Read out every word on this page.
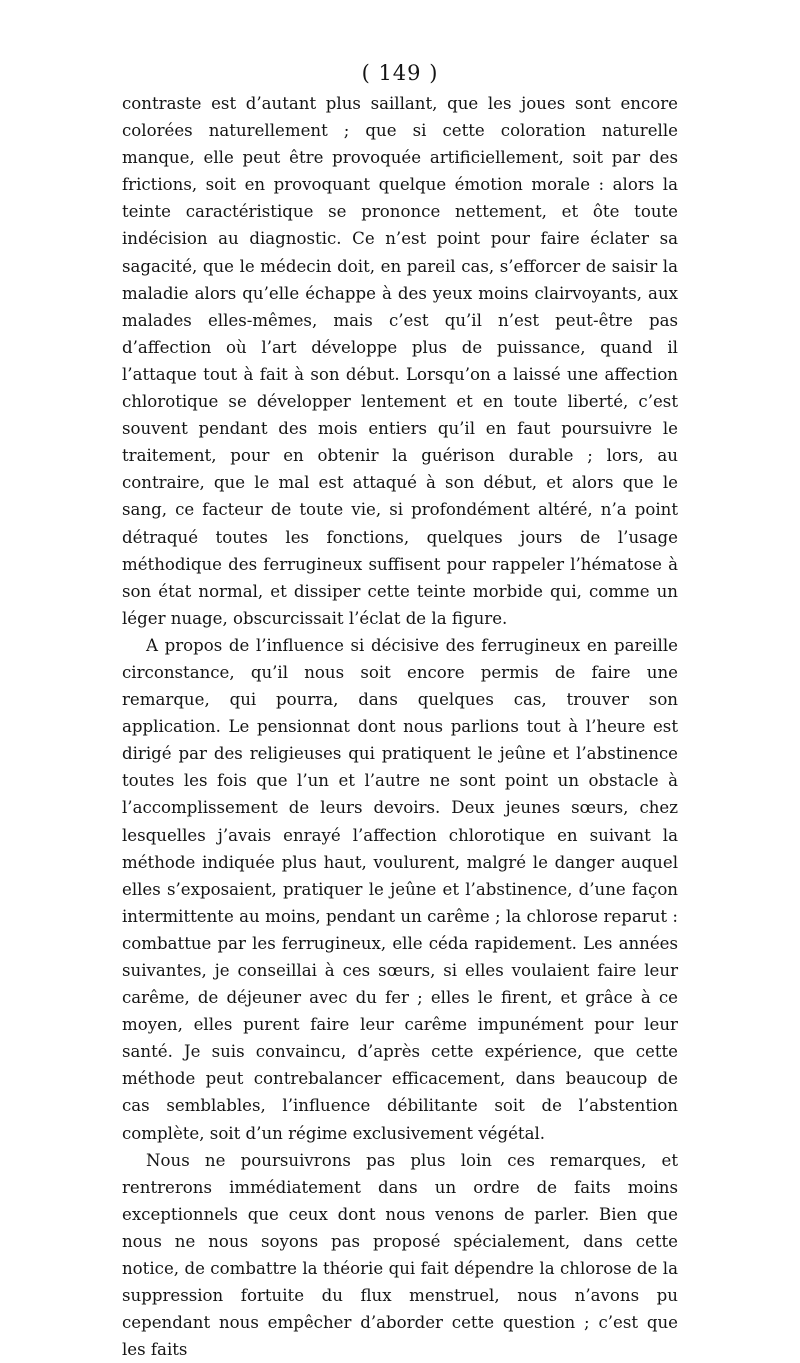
( 149 )

contraste est d’autant plus saillant, que les joues sont encore colorées naturellement ; que si cette coloration naturelle manque, elle peut être provoquée artificiellement, soit par des frictions, soit en provoquant quelque émotion morale : alors la teinte caractéristique se prononce nettement, et ôte toute indécision au diagnostic. Ce n’est point pour faire éclater sa sagacité, que le médecin doit, en pareil cas, s’efforcer de saisir la maladie alors qu’elle échappe à des yeux moins clairvoyants, aux malades elles-mêmes, mais c’est qu’il n’est peut-être pas d’affection où l’art développe plus de puissance, quand il l’attaque tout à fait à son début. Lorsqu’on a laissé une affection chlorotique se développer lentement et en toute liberté, c’est souvent pendant des mois entiers qu’il en faut poursuivre le traitement, pour en obtenir la guérison durable ; lors, au contraire, que le mal est attaqué à son début, et alors que le sang, ce facteur de toute vie, si profondément altéré, n’a point détraqué toutes les fonctions, quelques jours de l’usage méthodique des ferrugineux suffisent pour rappeler l’hématose à son état normal, et dissiper cette teinte morbide qui, comme un léger nuage, obscurcissait l’éclat de la figure.

A propos de l’influence si décisive des ferrugineux en pareille circonstance, qu’il nous soit encore permis de faire une remarque, qui pourra, dans quelques cas, trouver son application. Le pensionnat dont nous parlions tout à l’heure est dirigé par des religieuses qui pratiquent le jeûne et l’abstinence toutes les fois que l’un et l’autre ne sont point un obstacle à l’accomplissement de leurs devoirs. Deux jeunes sœurs, chez lesquelles j’avais enrayé l’affection chlorotique en suivant la méthode indiquée plus haut, voulurent, malgré le danger auquel elles s’exposaient, pratiquer le jeûne et l’abstinence, d’une façon intermittente au moins, pendant un carême ; la chlorose reparut : combattue par les ferrugineux, elle céda rapidement. Les années suivantes, je conseillai à ces sœurs, si elles voulaient faire leur carême, de déjeuner avec du fer ; elles le firent, et grâce à ce moyen, elles purent faire leur carême impunément pour leur santé. Je suis convaincu, d’après cette expérience, que cette méthode peut contrebalancer efficacement, dans beaucoup de cas semblables, l’influence débilitante soit de l’abstention complète, soit d’un régime exclusivement végétal.

Nous ne poursuivrons pas plus loin ces remarques, et rentrerons immédiatement dans un ordre de faits moins exceptionnels que ceux dont nous venons de parler. Bien que nous ne nous soyons pas proposé spécialement, dans cette notice, de combattre la théorie qui fait dépendre la chlorose de la suppression fortuite du flux menstruel, nous n’avons pu cependant nous empêcher d’aborder cette question ; c’est que les faits
